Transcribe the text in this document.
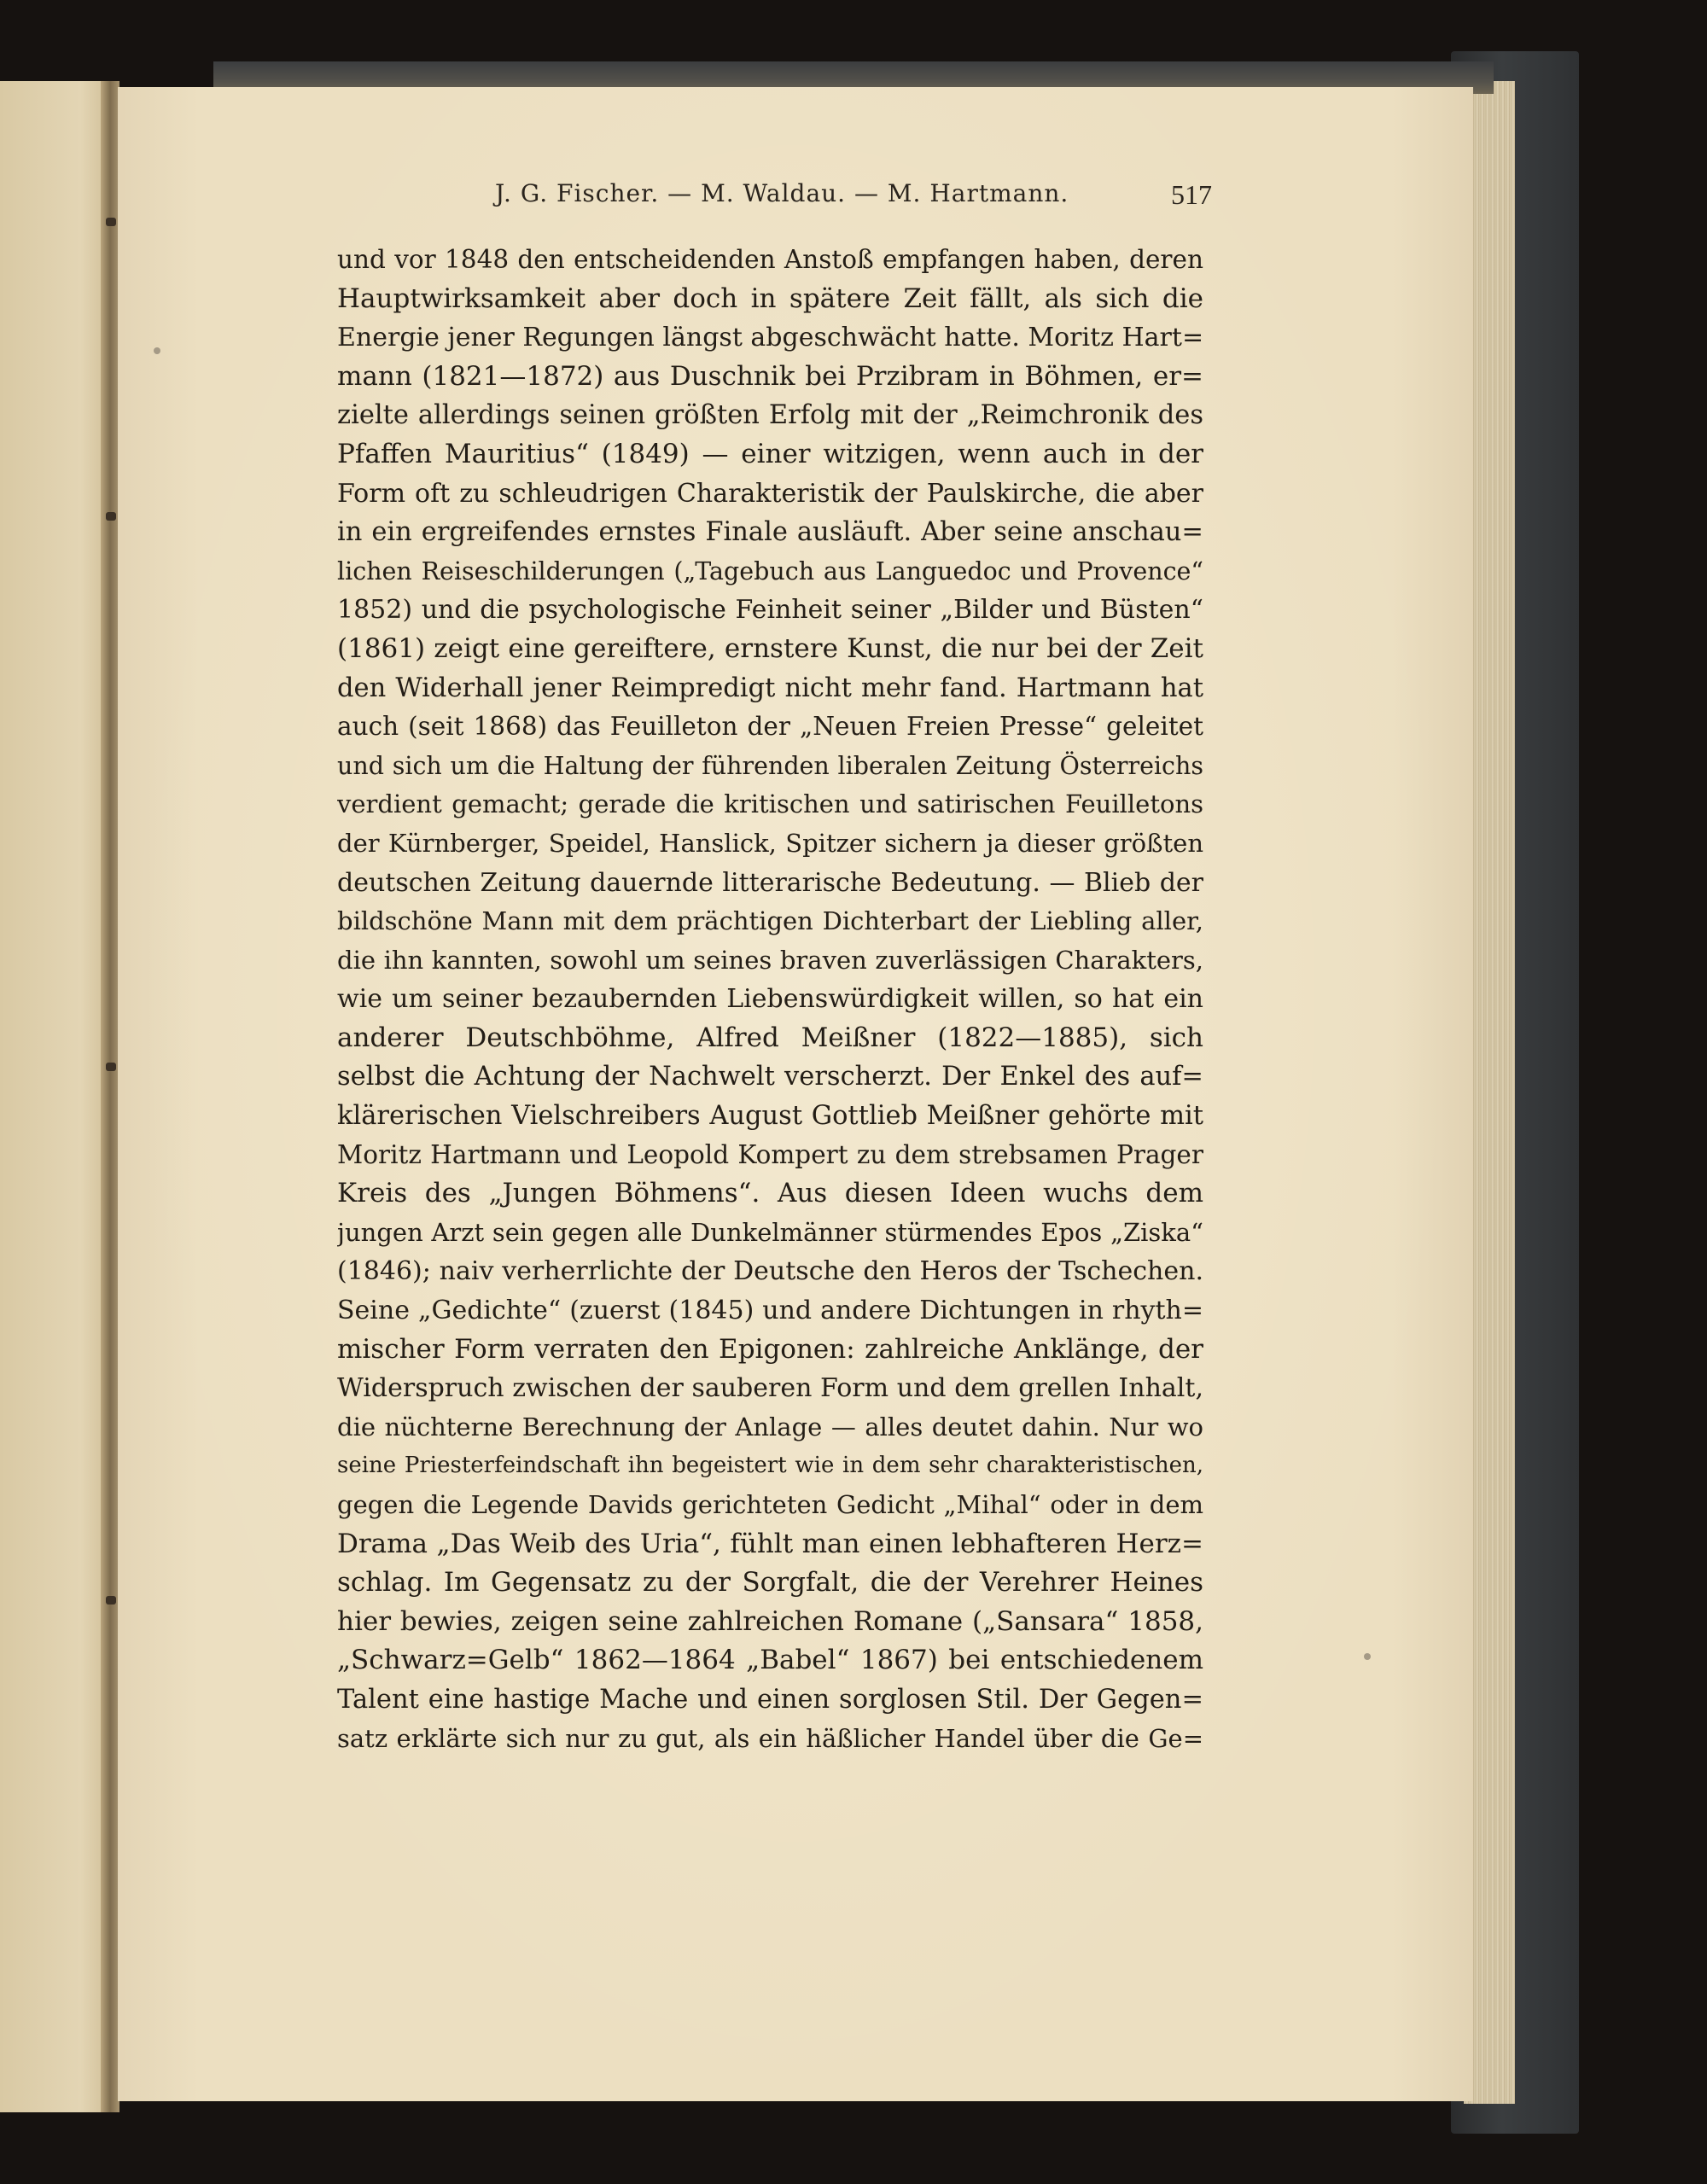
J. G. Fischer. — M. Waldau. — M. Hartmann.	517
und vor 1848 den entscheidenden Anstoß empfangen haben, deren
Hauptwirksamkeit aber doch in spätere Zeit fällt, als sich die
Energie jener Regungen längst abgeschwächt hatte. Moritz Hart=
mann (1821—1872) aus Duschnik bei Przibram in Böhmen, er=
zielte allerdings seinen größten Erfolg mit der „Reimchronik des
Pfaffen Mauritius“ (1849) — einer witzigen, wenn auch in der
Form oft zu schleudrigen Charakteristik der Paulskirche, die aber
in ein ergreifendes ernstes Finale ausläuft. Aber seine anschau=
lichen Reiseschilderungen („Tagebuch aus Languedoc und Provence“
1852) und die psychologische Feinheit seiner „Bilder und Büsten“
(1861) zeigt eine gereiftere, ernstere Kunst, die nur bei der Zeit
den Widerhall jener Reimpredigt nicht mehr fand. Hartmann hat
auch (seit 1868) das Feuilleton der „Neuen Freien Presse“ geleitet
und sich um die Haltung der führenden liberalen Zeitung Österreichs
verdient gemacht; gerade die kritischen und satirischen Feuilletons
der Kürnberger, Speidel, Hanslick, Spitzer sichern ja dieser größten
deutschen Zeitung dauernde litterarische Bedeutung. — Blieb der
bildschöne Mann mit dem prächtigen Dichterbart der Liebling aller,
die ihn kannten, sowohl um seines braven zuverlässigen Charakters,
wie um seiner bezaubernden Liebenswürdigkeit willen, so hat ein
anderer Deutschböhme, Alfred Meißner (1822—1885), sich
selbst die Achtung der Nachwelt verscherzt. Der Enkel des auf=
klärerischen Vielschreibers August Gottlieb Meißner gehörte mit
Moritz Hartmann und Leopold Kompert zu dem strebsamen Prager
Kreis des „Jungen Böhmens“. Aus diesen Ideen wuchs dem
jungen Arzt sein gegen alle Dunkelmänner stürmendes Epos „Ziska“
(1846); naiv verherrlichte der Deutsche den Heros der Tschechen.
Seine „Gedichte“ (zuerst (1845) und andere Dichtungen in rhyth=
mischer Form verraten den Epigonen: zahlreiche Anklänge, der
Widerspruch zwischen der sauberen Form und dem grellen Inhalt,
die nüchterne Berechnung der Anlage — alles deutet dahin. Nur wo
seine Priesterfeindschaft ihn begeistert wie in dem sehr charakteristischen,
gegen die Legende Davids gerichteten Gedicht „Mihal“ oder in dem
Drama „Das Weib des Uria“, fühlt man einen lebhafteren Herz=
schlag. Im Gegensatz zu der Sorgfalt, die der Verehrer Heines
hier bewies, zeigen seine zahlreichen Romane („Sansara“ 1858,
„Schwarz=Gelb“ 1862—1864 „Babel“ 1867) bei entschiedenem
Talent eine hastige Mache und einen sorglosen Stil. Der Gegen=
satz erklärte sich nur zu gut, als ein häßlicher Handel über die Ge=
